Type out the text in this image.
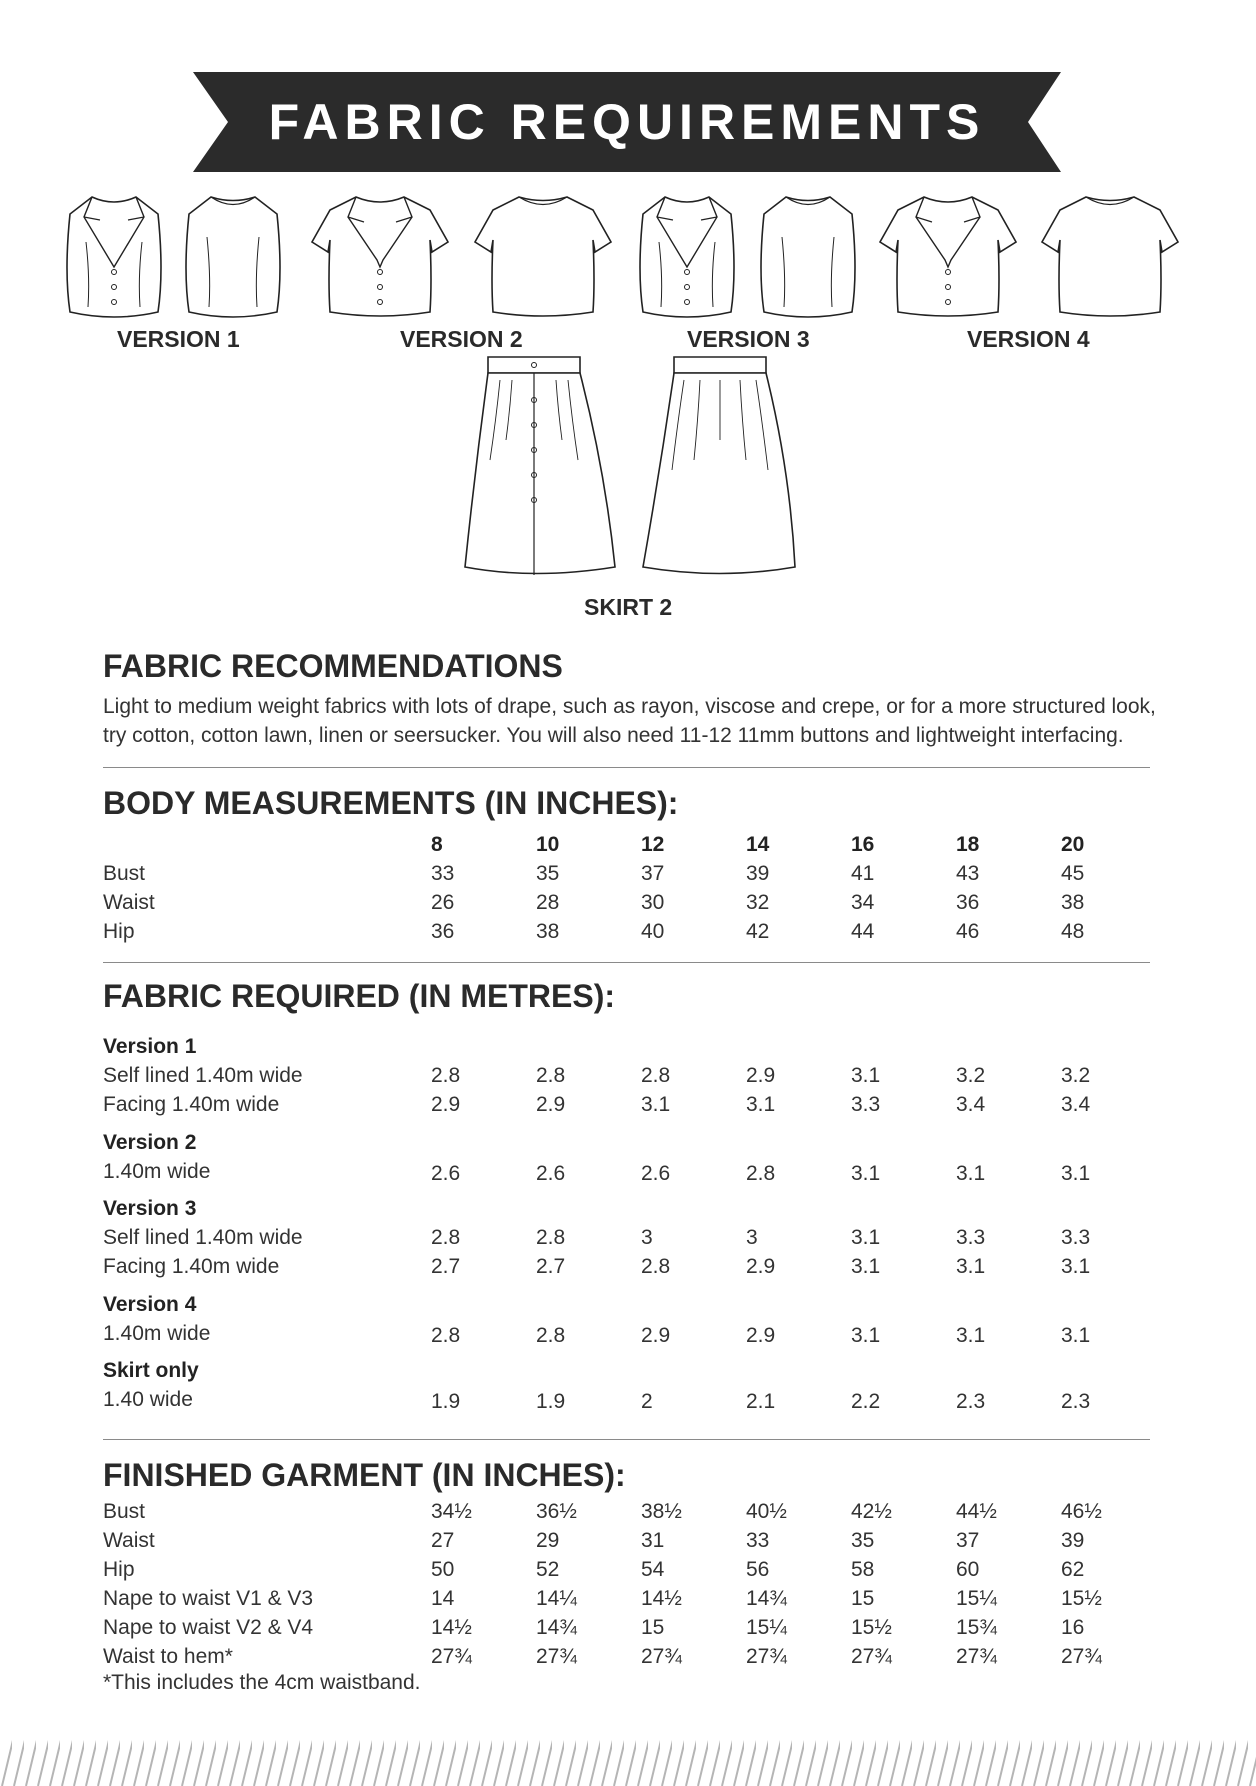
FABRIC REQUIREMENTS
VERSION 1	VERSION 2	VERSION 3	VERSION 4
SKIRT 2
FABRIC RECOMMENDATIONS
Light to medium weight fabrics with lots of drape, such as rayon, viscose and crepe, or for a more structured look, try cotton, cotton lawn, linen or seersucker. You will also need 11-12 11mm buttons and lightweight interfacing.
BODY MEASUREMENTS (IN INCHES):
8	10	12	14	16	18	20
Bust	33	35	37	39	41	43	45
Waist	26	28	30	32	34	36	38
Hip	36	38	40	42	44	46	48
FABRIC REQUIRED (IN METRES):
Version 1
Self lined 1.40m wide	2.8	2.8	2.8	2.9	3.1	3.2	3.2
Facing 1.40m wide	2.9	2.9	3.1	3.1	3.3	3.4	3.4
Version 2
1.40m wide	2.6	2.6	2.6	2.8	3.1	3.1	3.1
Version 3
Self lined 1.40m wide	2.8	2.8	3	3	3.1	3.3	3.3
Facing 1.40m wide	2.7	2.7	2.8	2.9	3.1	3.1	3.1
Version 4
1.40m wide	2.8	2.8	2.9	2.9	3.1	3.1	3.1
Skirt only
1.40 wide	1.9	1.9	2	2.1	2.2	2.3	2.3
FINISHED GARMENT (IN INCHES):
Bust	34½	36½	38½	40½	42½	44½	46½
Waist	27	29	31	33	35	37	39
Hip	50	52	54	56	58	60	62
Nape to waist V1 & V3	14	14¼	14½	14¾	15	15¼	15½
Nape to waist V2 & V4	14½	14¾	15	15¼	15½	15¾	16
Waist to hem*	27¾	27¾	27¾	27¾	27¾	27¾	27¾
*This includes the 4cm waistband.
